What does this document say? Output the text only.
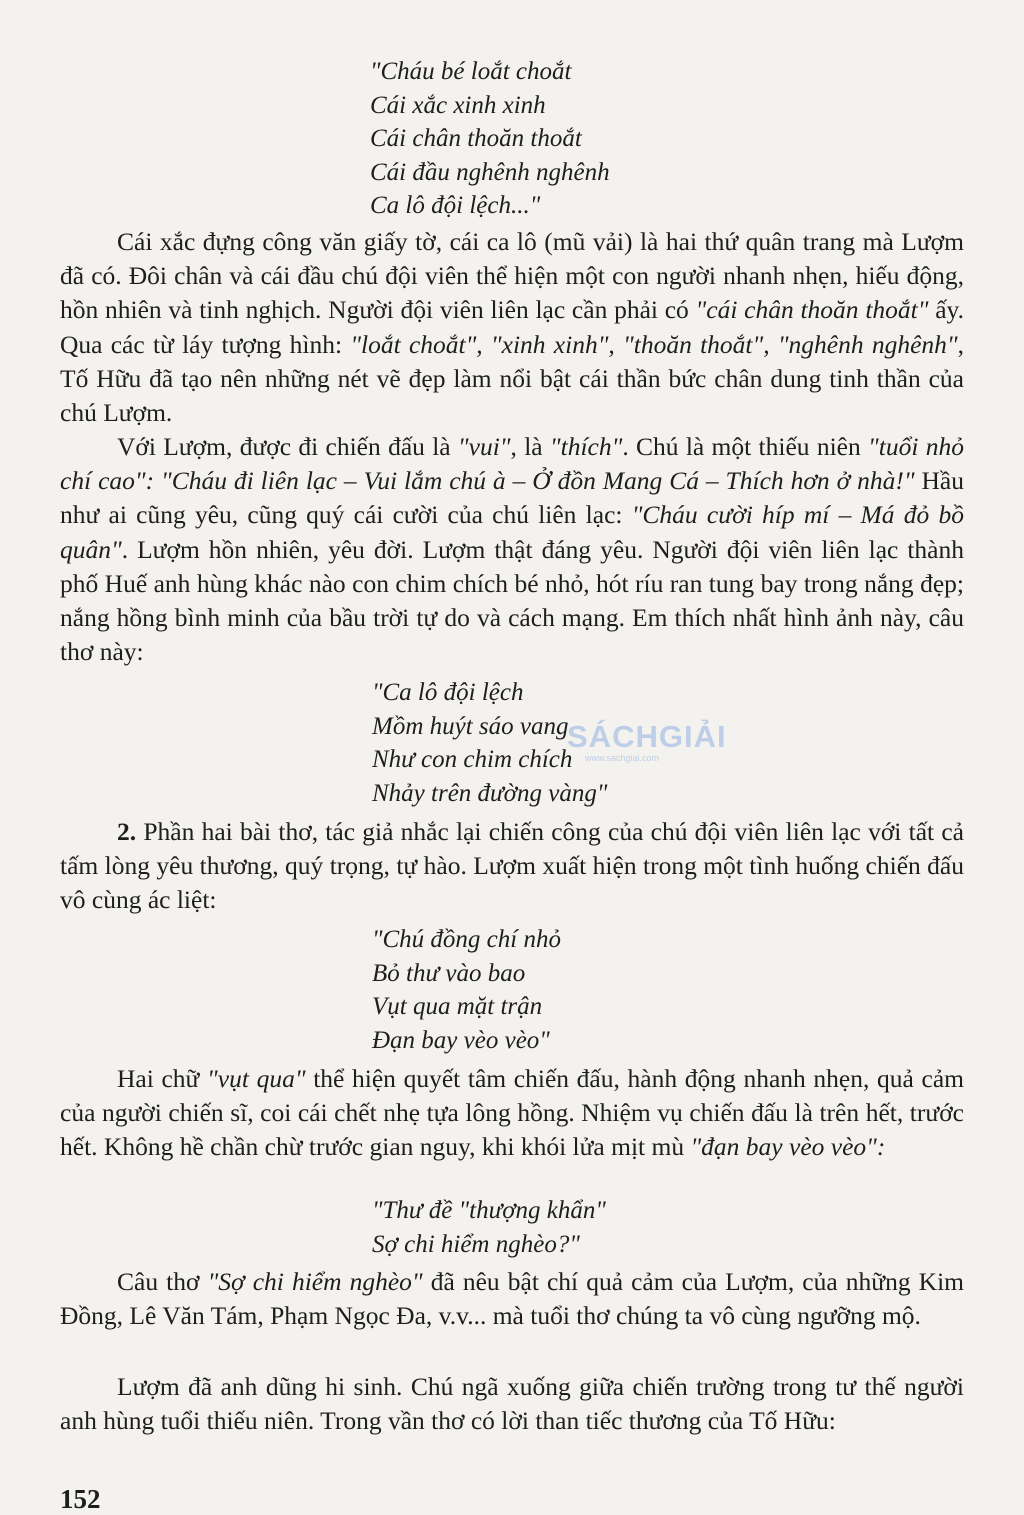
"Cháu bé loắt choắt
Cái xắc xinh xinh
Cái chân thoăn thoắt
Cái đầu nghênh nghênh
Ca lô đội lệch..."

Cái xắc đựng công văn giấy tờ, cái ca lô (mũ vải) là hai thứ quân trang mà Lượm đã có. Đôi chân và cái đầu chú đội viên thể hiện một con người nhanh nhẹn, hiếu động, hồn nhiên và tinh nghịch. Người đội viên liên lạc cần phải có "cái chân thoăn thoắt" ấy. Qua các từ láy tượng hình: "loắt choắt", "xinh xinh", "thoăn thoắt", "nghênh nghênh", Tố Hữu đã tạo nên những nét vẽ đẹp làm nổi bật cái thần bức chân dung tinh thần của chú Lượm.

Với Lượm, được đi chiến đấu là "vui", là "thích". Chú là một thiếu niên "tuổi nhỏ chí cao": "Cháu đi liên lạc – Vui lắm chú à – Ở đồn Mang Cá – Thích hơn ở nhà!" Hầu như ai cũng yêu, cũng quý cái cười của chú liên lạc: "Cháu cười híp mí – Má đỏ bồ quân". Lượm hồn nhiên, yêu đời. Lượm thật đáng yêu. Người đội viên liên lạc thành phố Huế anh hùng khác nào con chim chích bé nhỏ, hót ríu ran tung bay trong nắng đẹp; nắng hồng bình minh của bầu trời tự do và cách mạng. Em thích nhất hình ảnh này, câu thơ này:

"Ca lô đội lệch
Mồm huýt sáo vang
Như con chim chích
Nhảy trên đường vàng"
SÁCHGIẢI
www.sachgiai.com

2. Phần hai bài thơ, tác giả nhắc lại chiến công của chú đội viên liên lạc với tất cả tấm lòng yêu thương, quý trọng, tự hào. Lượm xuất hiện trong một tình huống chiến đấu vô cùng ác liệt:

"Chú đồng chí nhỏ
Bỏ thư vào bao
Vụt qua mặt trận
Đạn bay vèo vèo"

Hai chữ "vụt qua" thể hiện quyết tâm chiến đấu, hành động nhanh nhẹn, quả cảm của người chiến sĩ, coi cái chết nhẹ tựa lông hồng. Nhiệm vụ chiến đấu là trên hết, trước hết. Không hề chần chừ trước gian nguy, khi khói lửa mịt mù "đạn bay vèo vèo":

"Thư đề "thượng khẩn"
Sợ chi hiểm nghèo?"

Câu thơ "Sợ chi hiểm nghèo" đã nêu bật chí quả cảm của Lượm, của những Kim Đồng, Lê Văn Tám, Phạm Ngọc Đa, v.v... mà tuổi thơ chúng ta vô cùng ngưỡng mộ.

Lượm đã anh dũng hi sinh. Chú ngã xuống giữa chiến trường trong tư thế người anh hùng tuổi thiếu niên. Trong vần thơ có lời than tiếc thương của Tố Hữu:

152
